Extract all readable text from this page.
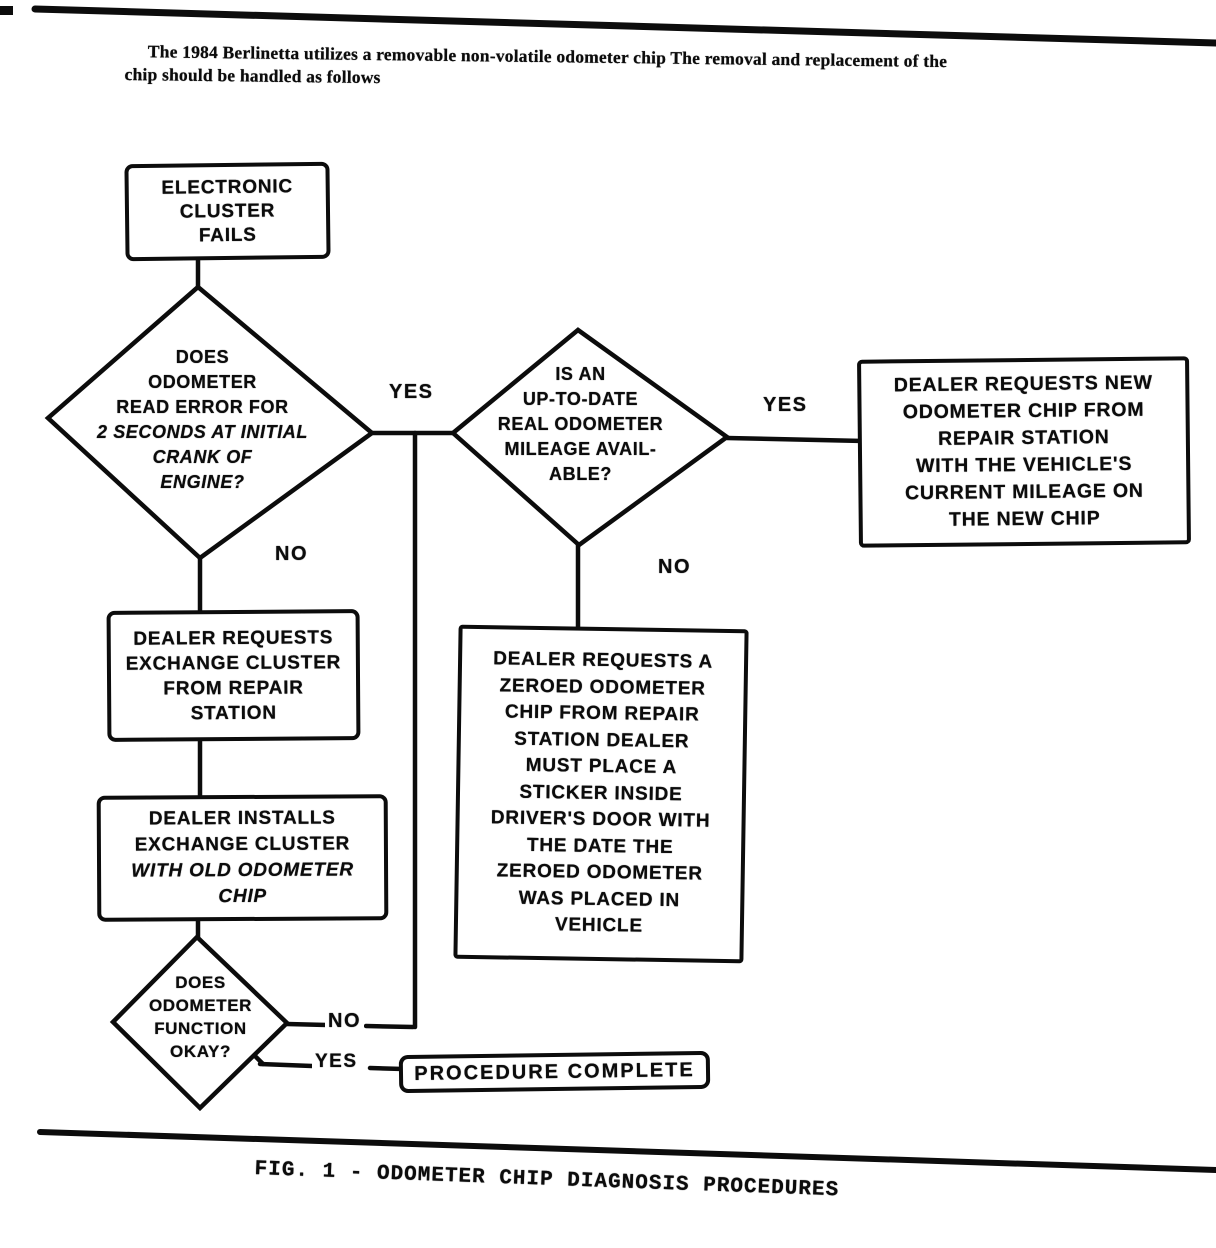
The 1984 Berlinetta utilizes a removable non-volatile odometer chip The removal and replacement of the
chip should be handled as follows
ELECTRONIC
CLUSTER
FAILS
DEALER REQUESTS NEW
ODOMETER CHIP FROM
REPAIR STATION
WITH THE VEHICLE'S
CURRENT MILEAGE ON
THE NEW CHIP
DEALER REQUESTS A
ZEROED ODOMETER
CHIP FROM REPAIR
STATION DEALER
MUST PLACE A
STICKER INSIDE
DRIVER'S DOOR WITH
THE DATE THE
ZEROED ODOMETER
WAS PLACED IN
VEHICLE
DEALER REQUESTS
EXCHANGE CLUSTER
FROM REPAIR
STATION
DEALER INSTALLS
EXCHANGE CLUSTER
WITH OLD ODOMETER
CHIP
PROCEDURE COMPLETE
DOES
ODOMETER
READ ERROR FOR
2 SECONDS AT INITIAL
CRANK OF
ENGINE?
IS AN
UP-TO-DATE
REAL ODOMETER
MILEAGE AVAIL-
ABLE?
DOES
ODOMETER
FUNCTION
OKAY?
YES
NO
YES
NO
NO
YES
FIG. 1 - ODOMETER CHIP DIAGNOSIS PROCEDURES
